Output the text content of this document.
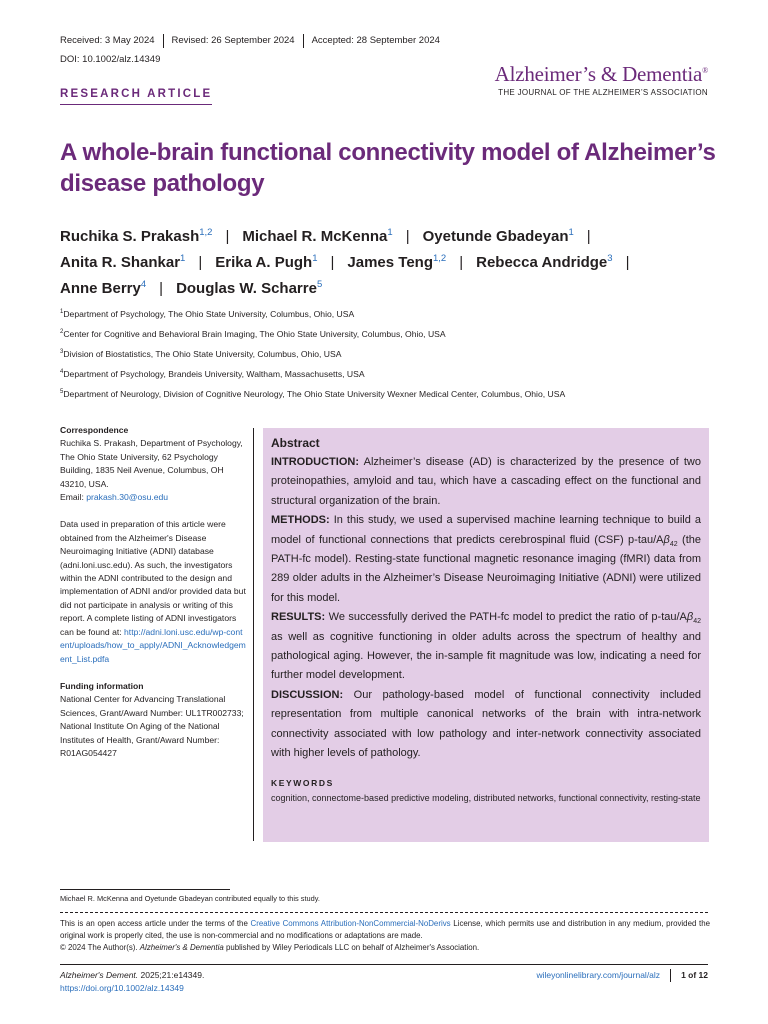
Received: 3 May 2024	Revised: 26 September 2024	Accepted: 28 September 2024
DOI: 10.1002/alz.14349
Alzheimer’s & Dementia®
THE JOURNAL OF THE ALZHEIMER’S ASSOCIATION
RESEARCH ARTICLE
A whole-brain functional connectivity model of Alzheimer’s disease pathology
Ruchika S. Prakash$^{1,2}$ | Michael R. McKenna$^1$ | Oyetunde Gbadeyan$^1$ |
Anita R. Shankar$^1$ | Erika A. Pugh$^1$ | James Teng$^{1,2}$ | Rebecca Andridge$^3$ |
Anne Berry$^4$ | Douglas W. Scharre$^5$
$^1$Department of Psychology, The Ohio State University, Columbus, Ohio, USA
$^2$Center for Cognitive and Behavioral Brain Imaging, The Ohio State University, Columbus, Ohio, USA
$^3$Division of Biostatistics, The Ohio State University, Columbus, Ohio, USA
$^4$Department of Psychology, Brandeis University, Waltham, Massachusetts, USA
$^5$Department of Neurology, Division of Cognitive Neurology, The Ohio State University Wexner Medical Center, Columbus, Ohio, USA
Correspondence

Ruchika S. Prakash, Department of Psychology, The Ohio State University, 62 Psychology Building, 1835 Neil Avenue, Columbus, OH 43210, USA.
Email: prakash.30@osu.edu

Data used in preparation of this article were obtained from the Alzheimer's Disease Neuroimaging Initiative (ADNI) database (adni.loni.usc.edu). As such, the investigators within the ADNI contributed to the design and implementation of ADNI and/or provided data but did not participate in analysis or writing of this report. A complete listing of ADNI investigators can be found at: http://adni.loni.usc.edu/wp-content/uploads/how_to_apply/ADNI_Acknowledgement_List.pdfa

Funding information

National Center for Advancing Translational Sciences, Grant/Award Number: UL1TR002733; National Institute On Aging of the National Institutes of Health, Grant/Award Number: R01AG054427

Abstract
INTRODUCTION: Alzheimer’s disease (AD) is characterized by the presence of two proteinopathies, amyloid and tau, which have a cascading effect on the functional and structural organization of the brain.
METHODS: In this study, we used a supervised machine learning technique to build a model of functional connections that predicts cerebrospinal fluid (CSF) $p-tau/A\beta_{42}$ (the PATH-fc model). Resting-state functional magnetic resonance imaging (fMRI) data from 289 older adults in the Alzheimer’s Disease Neuroimaging Initiative (ADNI) were utilized for this model.
RESULTS: We successfully derived the PATH-fc model to predict the ratio of $p-tau/A\beta_{42}$ as well as cognitive functioning in older adults across the spectrum of healthy and pathological aging. However, the in-sample fit magnitude was low, indicating a need for further model development.
DISCUSSION: Our pathology-based model of functional connectivity included representation from multiple canonical networks of the brain with intra-network connectivity associated with low pathology and inter-network connectivity associated with higher levels of pathology.
KEYWORDS
cognition, connectome-based predictive modeling, distributed networks, functional connectivity, resting-state
Michael R. McKenna and Oyetunde Gbadeyan contributed equally to this study.
This is an open access article under the terms of the Creative Commons Attribution-NonCommercial-NoDerivs License, which permits use and distribution in any medium, provided the original work is properly cited, the use is non-commercial and no modifications or adaptations are made.
© 2024 The Author(s). Alzheimer's & Dementia published by Wiley Periodicals LLC on behalf of Alzheimer's Association.
Alzheimer's Dement. 2025;21:e14349.
https://doi.org/10.1002/alz.14349
wileyonlinelibrary.com/journal/alz	1 of 12
